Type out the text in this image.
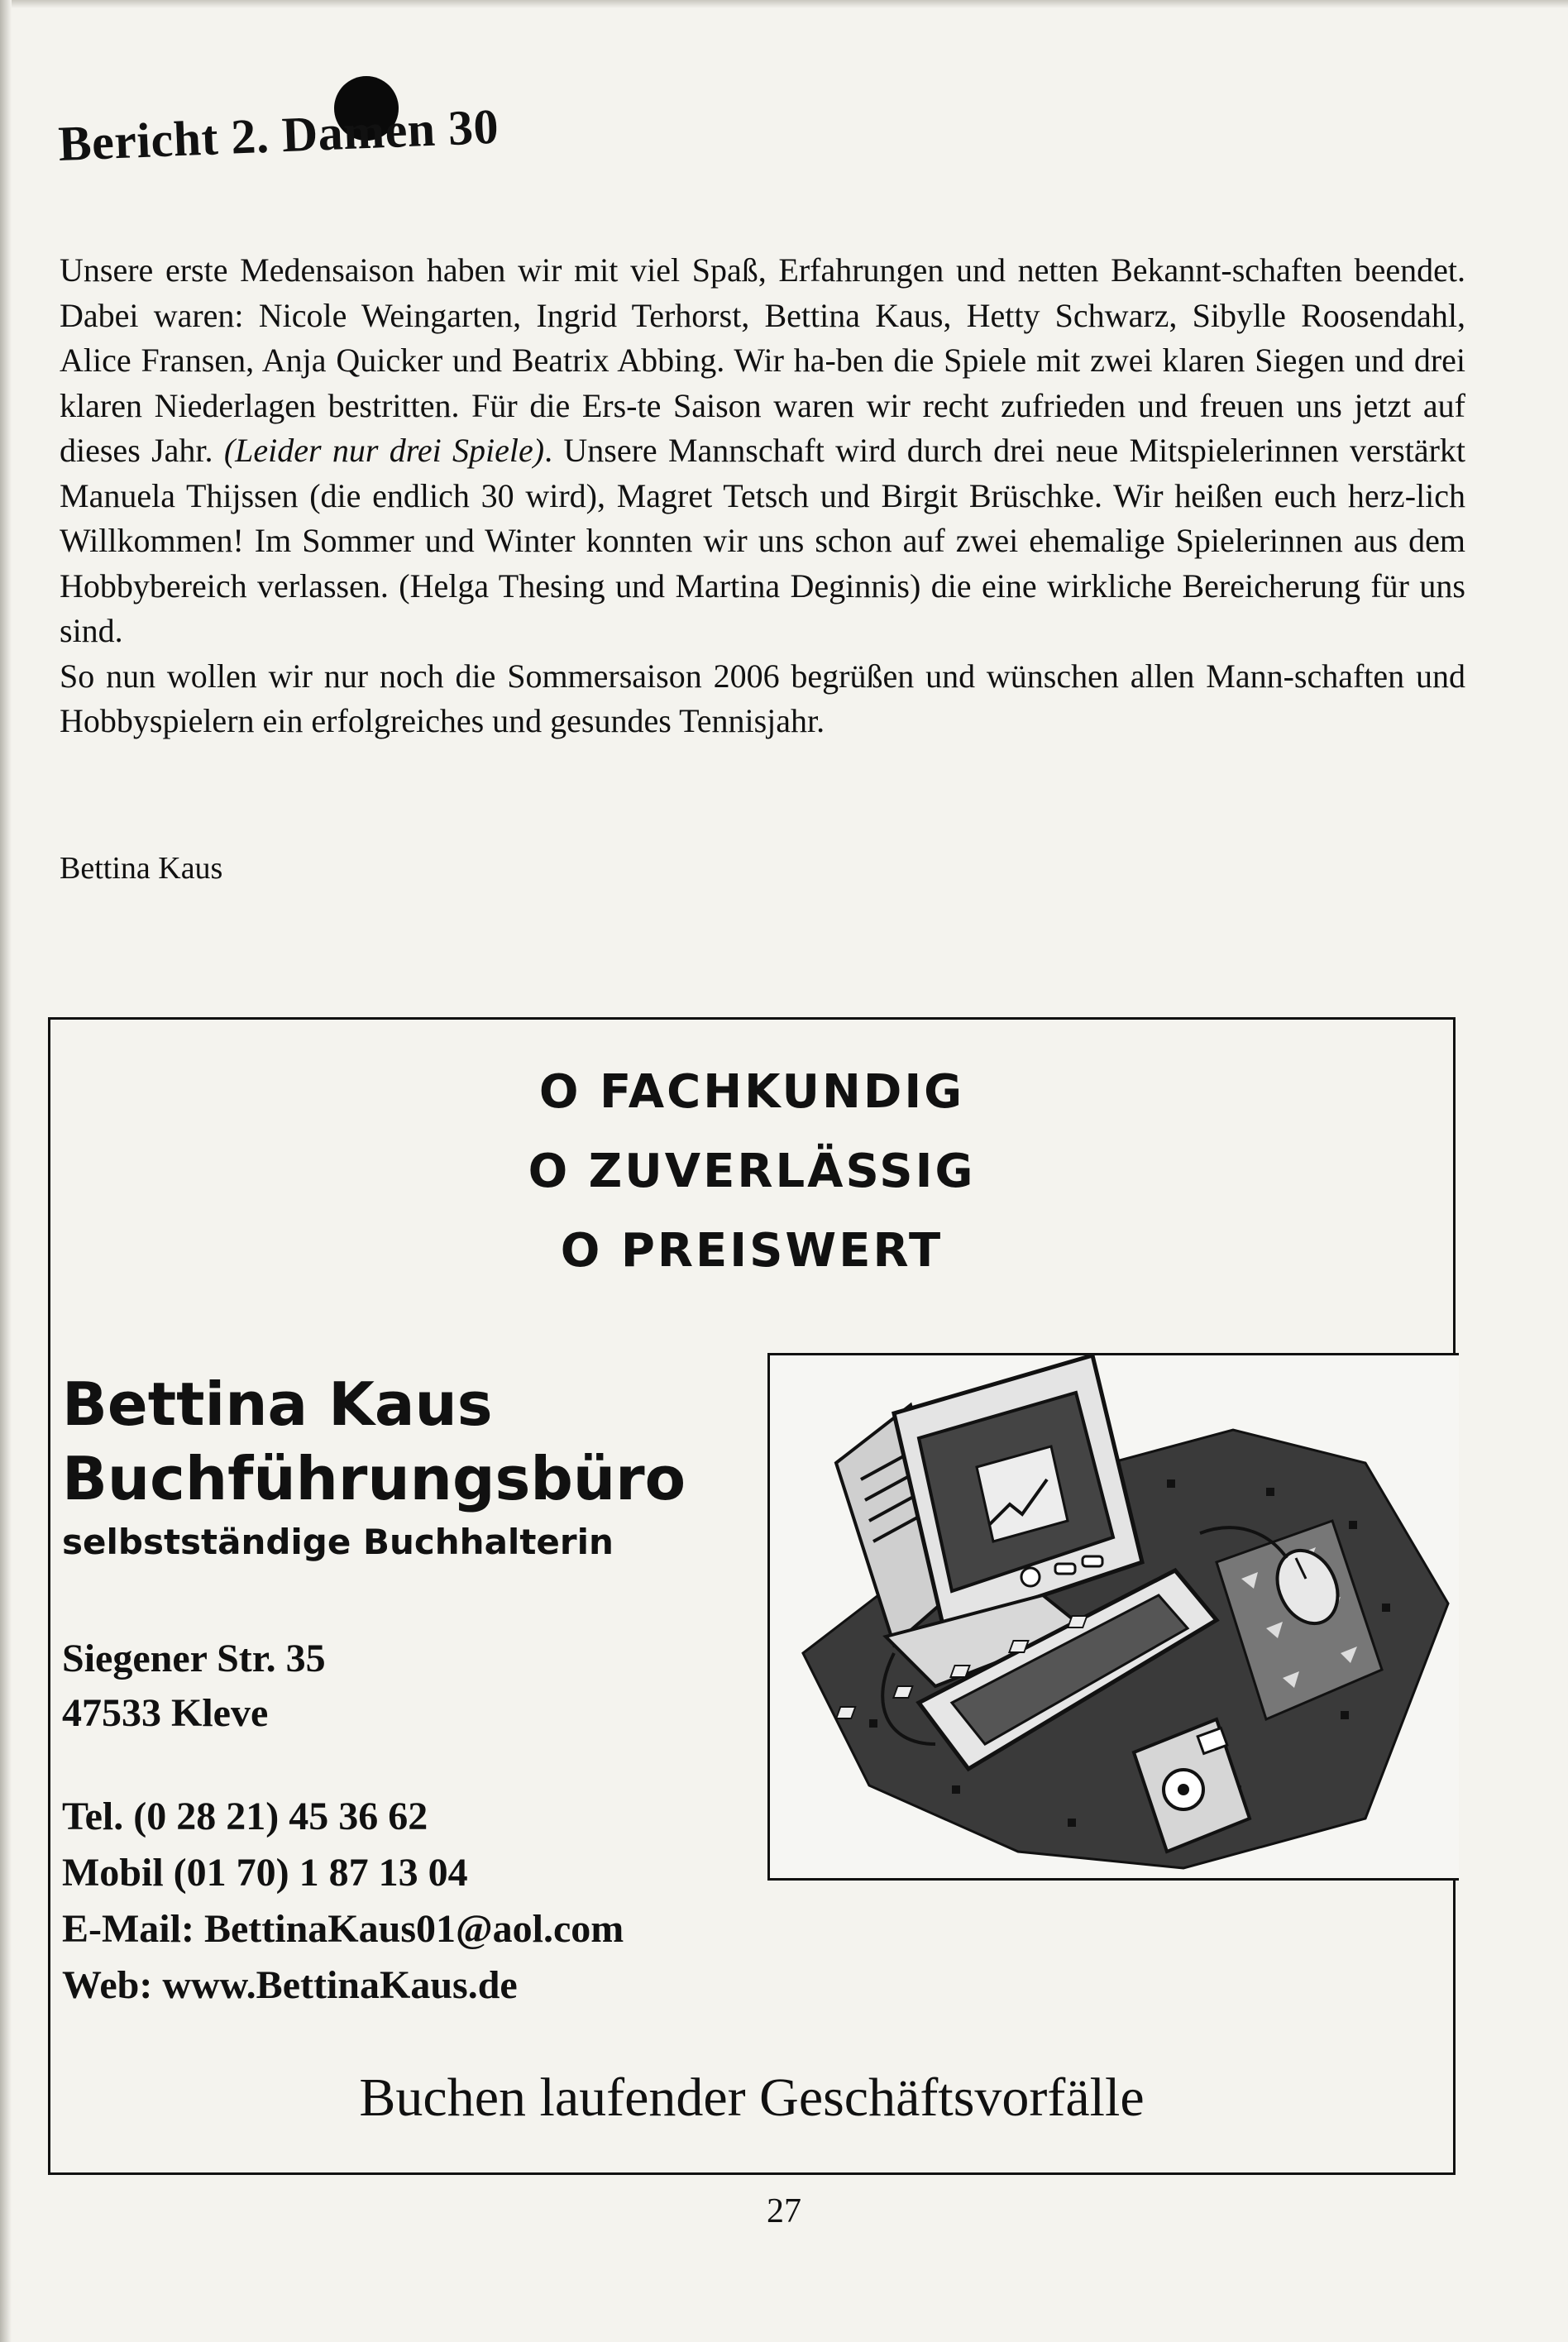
Bericht 2. Damen 30

Unsere erste Medensaison haben wir mit viel Spaß, Erfahrungen und netten Bekannt-schaften beendet. Dabei waren: Nicole Weingarten, Ingrid Terhorst, Bettina Kaus, Hetty Schwarz, Sibylle Roosendahl, Alice Fransen, Anja Quicker und Beatrix Abbing. Wir ha-ben die Spiele mit zwei klaren Siegen und drei klaren Niederlagen bestritten. Für die Ers-te Saison waren wir recht zufrieden und freuen uns jetzt auf dieses Jahr. (Leider nur drei Spiele). Unsere Mannschaft wird durch drei neue Mitspielerinnen verstärkt Manuela Thijssen (die endlich 30 wird), Magret Tetsch und Birgit Brüschke. Wir heißen euch herz-lich Willkommen! Im Sommer und Winter konnten wir uns schon auf zwei ehemalige Spielerinnen aus dem Hobbybereich verlassen. (Helga Thesing und Martina Deginnis) die eine wirkliche Bereicherung für uns sind.

So nun wollen wir nur noch die Sommersaison 2006 begrüßen und wünschen allen Mann-schaften und Hobbyspielern ein erfolgreiches und gesundes Tennisjahr.

Bettina Kaus
O FACHKUNDIG
O ZUVERLÄSSIG
O PREISWERT
Bettina Kaus
Buchführungsbüro
selbstständige Buchhalterin
Siegener Str. 35
47533 Kleve
Tel. (0 28 21) 45 36 62
Mobil (01 70) 1 87 13 04
E-Mail: BettinaKaus01@aol.com
Web: www.BettinaKaus.de
Buchen laufender Geschäftsvorfälle
27
